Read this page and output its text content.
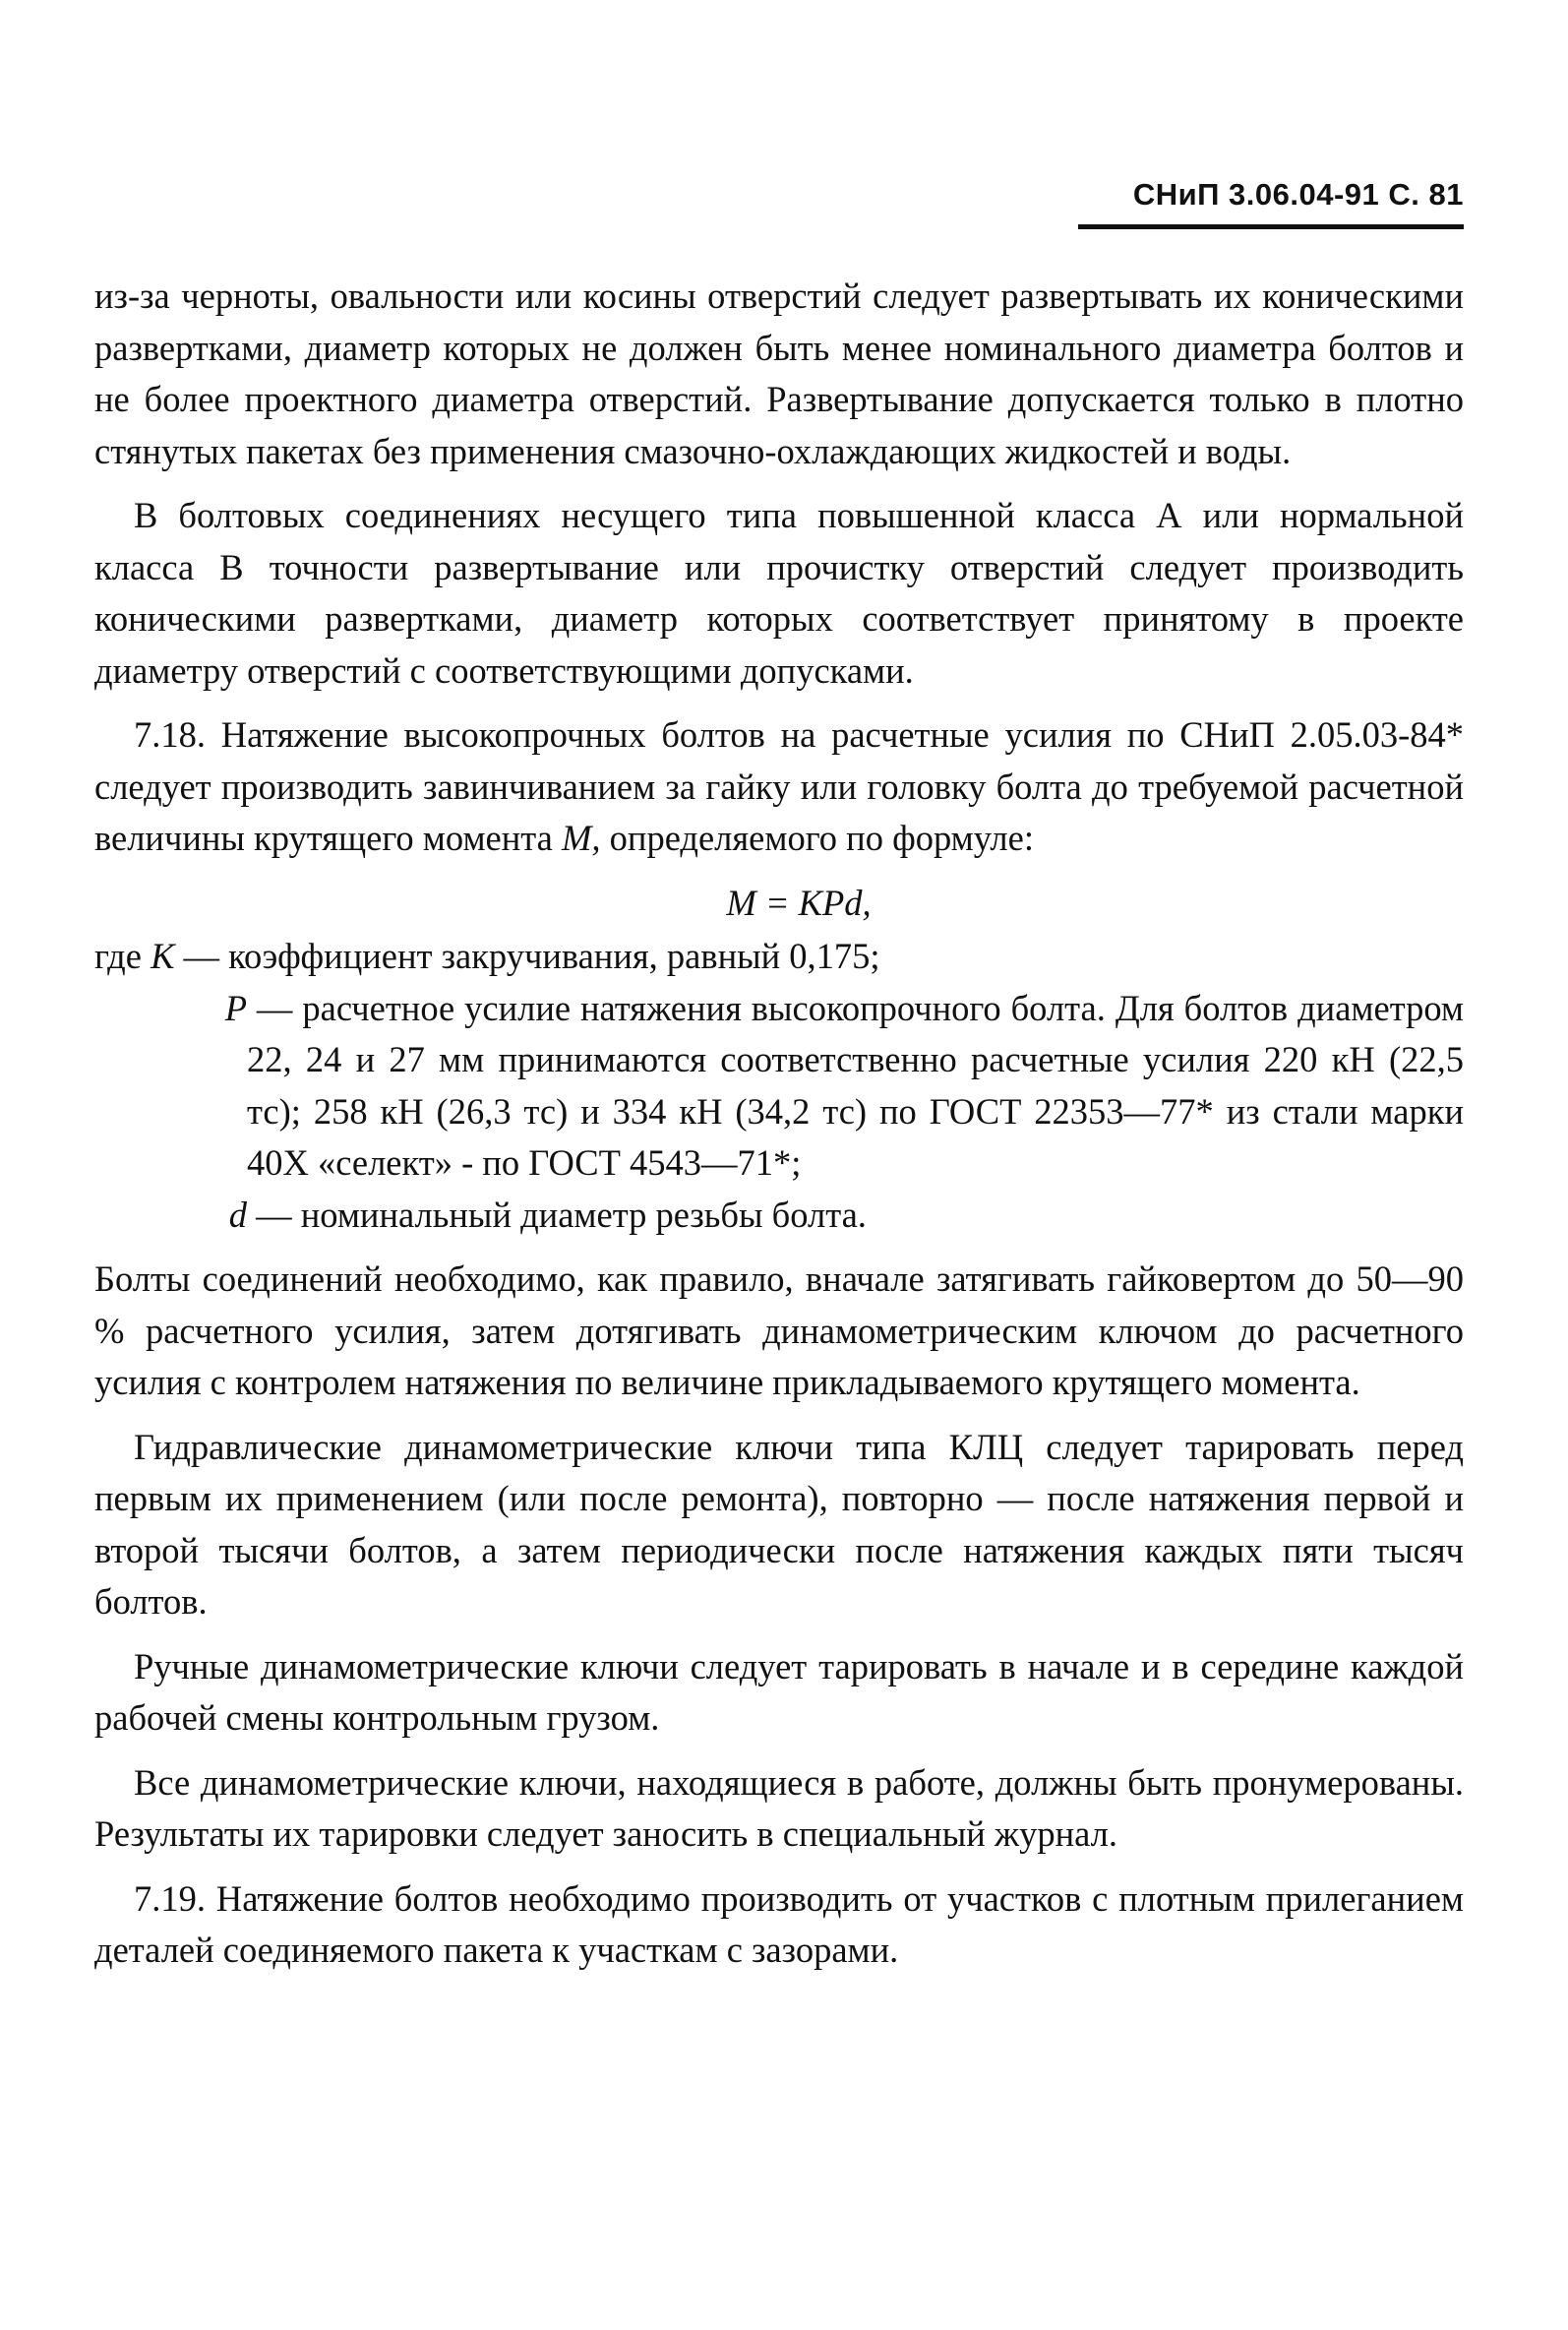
СНиП 3.06.04-91 С. 81

из-за черноты, овальности или косины отверстий следует развертывать их коническими развертками, диаметр которых не должен быть менее номинального диаметра болтов и не более проектного диаметра отверстий. Развертывание допускается только в плотно стянутых пакетах без применения смазочно-охлаждающих жидкостей и воды.

В болтовых соединениях несущего типа повышенной класса А или нормальной класса В точности развертывание или прочистку отверстий следует производить коническими развертками, диаметр которых соответствует принятому в проекте диаметру отверстий с соответствующими допусками.

7.18. Натяжение высокопрочных болтов на расчетные усилия по СНиП 2.05.03-84* следует производить завинчиванием за гайку или головку болта до требуемой расчетной величины крутящего момента М, определяемого по формуле:

M = KPd,
где К — коэффициент закручивания, равный 0,175;
Р — расчетное усилие натяжения высокопрочного болта. Для болтов диаметром 22, 24 и 27 мм принимаются соответственно расчетные усилия 220 кН (22,5 тс); 258 кН (26,3 тс) и 334 кН (34,2 тс) по ГОСТ 22353—77* из стали марки 40Х «селект» - по ГОСТ 4543—71*;
d — номинальный диаметр резьбы болта.

Болты соединений необходимо, как правило, вначале затягивать гайковертом до 50—90 % расчетного усилия, затем дотягивать динамометрическим ключом до расчетного усилия с контролем натяжения по величине прикладываемого крутящего момента.

Гидравлические динамометрические ключи типа КЛЦ следует тарировать перед первым их применением (или после ремонта), повторно — после натяжения первой и второй тысячи болтов, а затем периодически после натяжения каждых пяти тысяч болтов.

Ручные динамометрические ключи следует тарировать в начале и в середине каждой рабочей смены контрольным грузом.

Все динамометрические ключи, находящиеся в работе, должны быть пронумерованы. Результаты их тарировки следует заносить в специальный журнал.

7.19. Натяжение болтов необходимо производить от участков с плотным прилеганием деталей соединяемого пакета к участкам с зазорами.
